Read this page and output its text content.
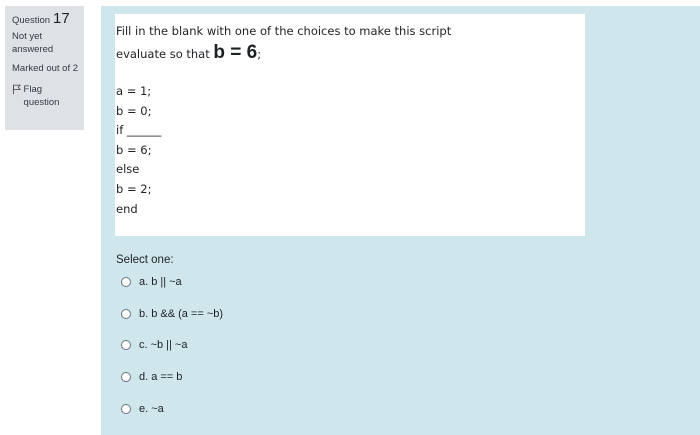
Question 17
Not yet answered
Marked out of 2
Flag question
Fill in the blank with one of the choices to make this script
evaluate so that b = 6;
a = 1;
b = 0;
if ______
b = 6;
else
b = 2;
end
Select one:
a. b || ~a
b. b && (a == ~b)
c. ~b || ~a
d. a == b
e. ~a
